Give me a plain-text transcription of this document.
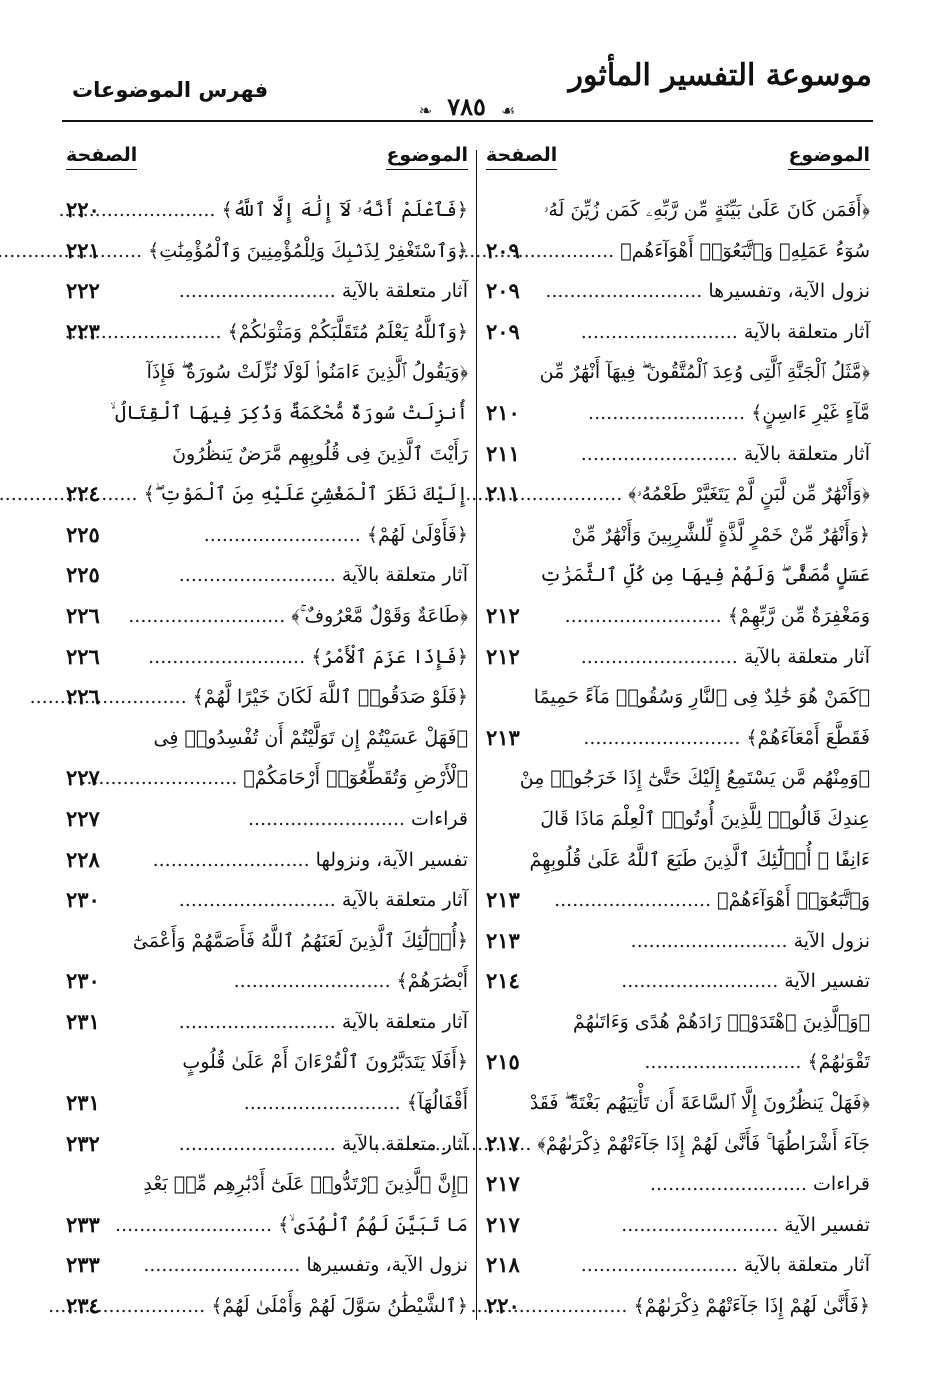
موسوعة التفسير المأثور
فهرس الموضوعات
❧ ٧٨٥ ☙
الموضوع
الصفحة
﴿أَفَمَن كَانَ عَلَىٰ بَيِّنَةٍ مِّن رَّبِّهِۦ كَمَن زُيِّنَ لَهُۥ
سُوٓءُ عَمَلِهِۦ وَٱتَّبَعُوٓا۟ أَهْوَآءَهُم﴾ .....
٢٠٩
نزول الآية، وتفسيرها .....
٢٠٩
آثار متعلقة بالآية .....
٢٠٩
﴿مَّثَلُ ٱلْجَنَّةِ ٱلَّتِى وُعِدَ ٱلْمُتَّقُونَ ۖ فِيهَآ أَنْهَٰرٌ مِّن
مَّآءٍ غَيْرِ ءَاسِنٍ﴾ .....
٢١٠
آثار متعلقة بالآية .....
٢١١
﴿وَأَنْهَٰرٌ مِّن لَّبَنٍ لَّمْ يَتَغَيَّرْ طَعْمُهُۥ﴾ .....
٢١١
﴿وَأَنْهَٰرٌ مِّنْ خَمْرٍ لَّذَّةٍ لِّلشَّٰرِبِينَ وَأَنْهَٰرٌ مِّنْ
عَسَلٍ مُّصَفًّى ۖ وَلَهُمْ فِيهَا مِن كُلِّ ٱلثَّمَرَٰتِ
وَمَغْفِرَةٌ مِّن رَّبِّهِمْ﴾ .....
٢١٢
آثار متعلقة بالآية .....
٢١٢
﴿كَمَنْ هُوَ خَٰلِدٌ فِى ٱلنَّارِ وَسُقُوا۟ مَآءً حَمِيمًا
فَقَطَّعَ أَمْعَآءَهُمْ﴾ .....
٢١٣
﴿وَمِنْهُم مَّن يَسْتَمِعُ إِلَيْكَ حَتَّىٰٓ إِذَا خَرَجُوا۟ مِنْ
عِندِكَ قَالُوا۟ لِلَّذِينَ أُوتُوا۟ ٱلْعِلْمَ مَاذَا قَالَ
ءَانِفًا ۚ أُو۟لَٰٓئِكَ ٱلَّذِينَ طَبَعَ ٱللَّهُ عَلَىٰ قُلُوبِهِمْ
وَٱتَّبَعُوٓا۟ أَهْوَآءَهُمْ﴾ .....
٢١٣
نزول الآية .....
٢١٣
تفسير الآية .....
٢١٤
﴿وَٱلَّذِينَ ٱهْتَدَوْا۟ زَادَهُمْ هُدًى وَءَاتَىٰهُمْ
تَقْوَىٰهُمْ﴾ .....
٢١٥
﴿فَهَلْ يَنظُرُونَ إِلَّا ٱلسَّاعَةَ أَن تَأْتِيَهُم بَغْتَةً ۖ فَقَدْ
جَآءَ أَشْرَاطُهَا ۚ فَأَنَّىٰ لَهُمْ إِذَا جَآءَتْهُمْ ذِكْرَىٰهُمْ﴾ .....
٢١٧
قراءات .....
٢١٧
تفسير الآية .....
٢١٧
آثار متعلقة بالآية .....
٢١٨
﴿فَأَنَّىٰ لَهُمْ إِذَا جَآءَتْهُمْ ذِكْرَىٰهُمْ﴾ .....
٢٢٠
الموضوع
الصفحة
﴿فَٱعْلَمْ أَنَّهُۥ لَآ إِلَٰهَ إِلَّا ٱللَّهُ﴾ .....
٢٢٠
﴿وَٱسْتَغْفِرْ لِذَنۢبِكَ وَلِلْمُؤْمِنِينَ وَٱلْمُؤْمِنَٰتِ﴾ .....
٢٢١
آثار متعلقة بالآية .....
٢٢٢
﴿وَٱللَّهُ يَعْلَمُ مُتَقَلَّبَكُمْ وَمَثْوَىٰكُمْ﴾ .....
٢٢٣
﴿وَيَقُولُ ٱلَّذِينَ ءَامَنُوا۟ لَوْلَا نُزِّلَتْ سُورَةٌ ۖ فَإِذَآ
أُنزِلَتْ سُورَةٌ مُّحْكَمَةٌ وَذُكِرَ فِيهَا ٱلْقِتَالُ ۙ
رَأَيْتَ ٱلَّذِينَ فِى قُلُوبِهِم مَّرَضٌ يَنظُرُونَ
إِلَيْكَ نَظَرَ ٱلْمَغْشِىِّ عَلَيْهِ مِنَ ٱلْمَوْتِ ۖ﴾ .....
٢٢٤
﴿فَأَوْلَىٰ لَهُمْ﴾ .....
٢٢٥
آثار متعلقة بالآية .....
٢٢٥
﴿طَاعَةٌ وَقَوْلٌ مَّعْرُوفٌ ۚ﴾ .....
٢٢٦
﴿فَإِذَا عَزَمَ ٱلْأَمْرُ﴾ .....
٢٢٦
﴿فَلَوْ صَدَقُوا۟ ٱللَّهَ لَكَانَ خَيْرًا لَّهُمْ﴾ .....
٢٢٦
﴿فَهَلْ عَسَيْتُمْ إِن تَوَلَّيْتُمْ أَن تُفْسِدُوا۟ فِى
ٱلْأَرْضِ وَتُقَطِّعُوٓا۟ أَرْحَامَكُمْ﴾ .....
٢٢٧
قراءات .....
٢٢٧
تفسير الآية، ونزولها .....
٢٢٨
آثار متعلقة بالآية .....
٢٣٠
﴿أُو۟لَٰٓئِكَ ٱلَّذِينَ لَعَنَهُمُ ٱللَّهُ فَأَصَمَّهُمْ وَأَعْمَىٰٓ
أَبْصَٰرَهُمْ﴾ .....
٢٣٠
آثار متعلقة بالآية .....
٢٣١
﴿أَفَلَا يَتَدَبَّرُونَ ٱلْقُرْءَانَ أَمْ عَلَىٰ قُلُوبٍ
أَقْفَالُهَآ﴾ .....
٢٣١
آثار متعلقة بالآية .....
٢٣٢
﴿إِنَّ ٱلَّذِينَ ٱرْتَدُّوا۟ عَلَىٰٓ أَدْبَٰرِهِم مِّنۢ بَعْدِ
مَا تَبَيَّنَ لَهُمُ ٱلْهُدَى ۙ﴾ .....
٢٣٣
نزول الآية، وتفسيرها .....
٢٣٣
﴿ٱلشَّيْطَٰنُ سَوَّلَ لَهُمْ وَأَمْلَىٰ لَهُمْ﴾ .....
٢٣٤
